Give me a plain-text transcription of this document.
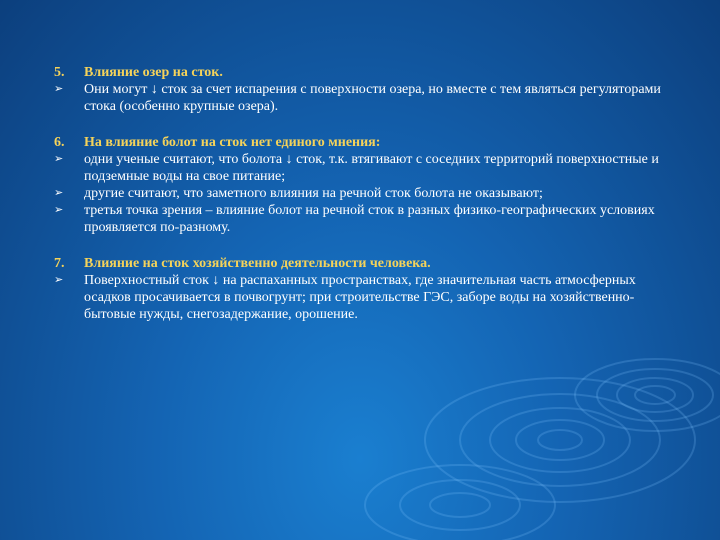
5.	Влияние озер на сток.
➢	Они могут ↓ сток за счет испарения с поверхности озера, но вместе с тем являться регуляторами стока (особенно крупные озера).
6.	На влияние болот на сток нет единого мнения:
➢	одни ученые считают, что болота ↓ сток, т.к. втягивают с соседних территорий поверхностные и подземные воды на свое питание;
➢	другие считают, что заметного влияния на речной сток болота не оказывают;
➢	третья точка зрения – влияние болот на речной сток в разных физико-географических условиях проявляется по-разному.
7.	Влияние на сток хозяйственно деятельности человека.
➢	Поверхностный сток ↓ на распаханных пространствах, где значительная часть атмосферных осадков просачивается в почвогрунт; при строительстве ГЭС, заборе воды на хозяйственно-бытовые нужды, снегозадержание, орошение.
